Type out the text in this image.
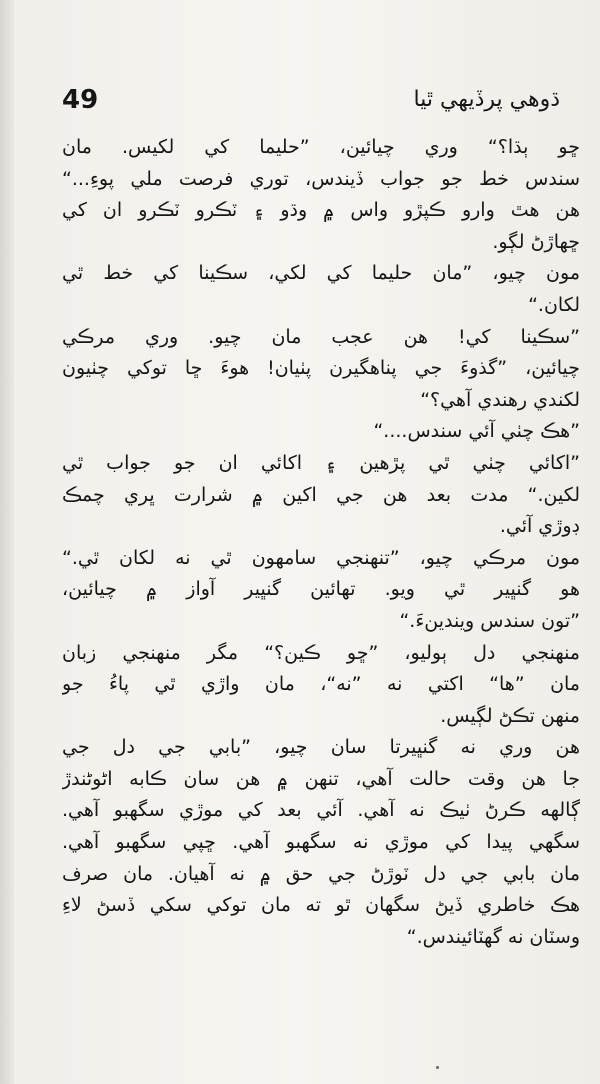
49	ڌوهي پرڏيهي ٿيا
ڇو ٻڌا؟“ وري چيائين، ”حليما کي لکيس. مان
سندس خط جو جواب ڏيندس، توري فرصت ملي پوءِ...“
هن هٿ وارو ڪپڙو واس ۾ وڌو ۽ ٽڪرو ٽڪرو ان کي
ڇهاڙڻ لڳو.
مون چيو، ”مان حليما کي لکي، سڪينا کي خط ٿي
لکان.“
”سڪينا کي! هن عجب مان چيو. وري مرڪي
چيائين، ”گذوءَ جي پناهگيرن پٺيان! هوءَ ڇا توکي چٺيون
لکندي رهندي آهي؟“
”هڪ چٺي آئي سندس....“
”اکائي چٺي ٿي پڙهين ۽ اکائي ان جو جواب ٿي
لکين.“ مدت بعد هن جي اکين ۾ شرارت ڀري چمڪ
ڊوڙي آئي.
مون مرڪي چيو، ”تنهنجي سامهون ٿي نه لکان ٿي.“
هو گنڀير ٿي ويو. تهائين گنڀير آواز ۾ چيائين،
”تون سندس ويندينءَ.“
منهنجي دل ٻوليو، ”ڇو ڪين؟“ مگر منهنجي زبان
مان ”ها“ اکتي نه ”نه“، مان واڙي ٿي پاءُ جو
منهن تڪڻ لڳيس.
هن وري نه گنڀيرتا سان چيو، ”بابي جي دل جي
جا هن وقت حالت آهي، تنهن ۾ هن سان ڪابه اڻوڻندڙ
ڳالهه ڪرڻ ٺيڪ نه آهي. آئي بعد کي موڙي سگهبو آهي.
سگهي پيدا کي موڙي نه سگهبو آهي. ڇپي سگهبو آهي.
مان بابي جي دل ٽوڙڻ جي حق ۾ نه آهيان. مان صرف
هڪ خاطري ڏيڻ سگهان ٿو ته مان توکي سکي ڏسڻ لاءِ
وسٽان نه گهٽائيندس.“
